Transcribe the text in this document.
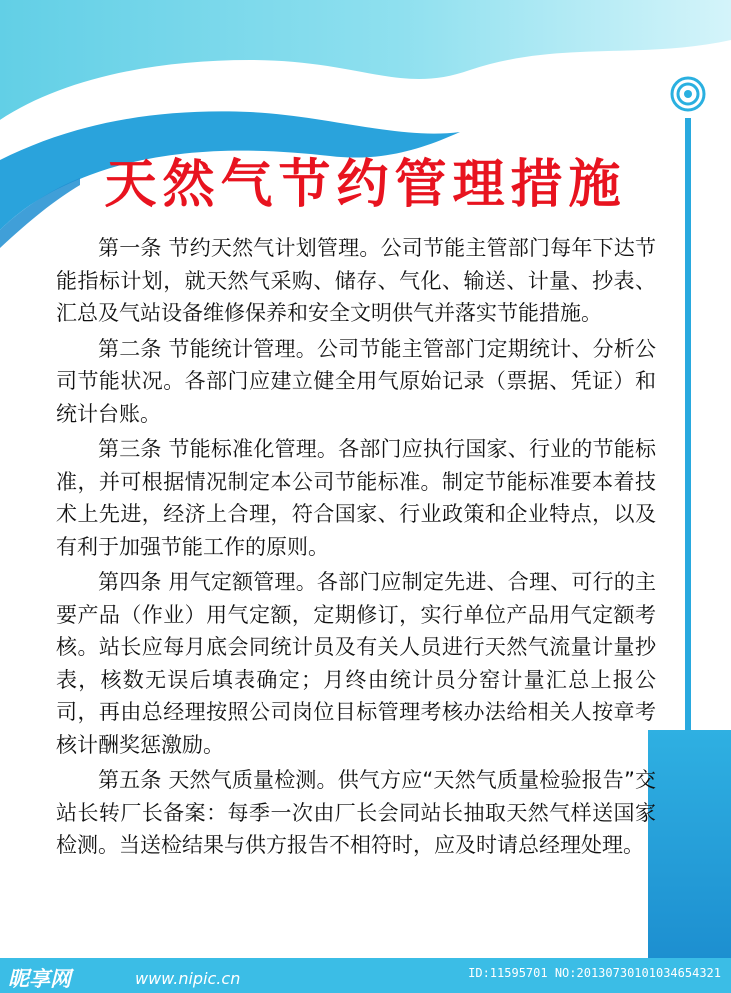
天然气节约管理措施

第一条 节约天然气计划管理。公司节能主管部门每年下达节能指标计划，就天然气采购、储存、气化、输送、计量、抄表、汇总及气站设备维修保养和安全文明供气并落实节能措施。

第二条 节能统计管理。公司节能主管部门定期统计、分析公司节能状况。各部门应建立健全用气原始记录（票据、凭证）和统计台账。

第三条 节能标准化管理。各部门应执行国家、行业的节能标准，并可根据情况制定本公司节能标准。制定节能标准要本着技术上先进，经济上合理，符合国家、行业政策和企业特点，以及有利于加强节能工作的原则。

第四条 用气定额管理。各部门应制定先进、合理、可行的主要产品（作业）用气定额，定期修订，实行单位产品用气定额考核。站长应每月底会同统计员及有关人员进行天然气流量计量抄表，核数无误后填表确定；月终由统计员分窑计量汇总上报公司，再由总经理按照公司岗位目标管理考核办法给相关人按章考核计酬奖惩激励。

第五条 天然气质量检测。供气方应“天然气质量检验报告”交站长转厂长备案：每季一次由厂长会同站长抽取天然气样送国家检测。当送检结果与供方报告不相符时，应及时请总经理处理。

昵享网	www.nipic.cn	ID:11595701 NO:20130730101034654321
